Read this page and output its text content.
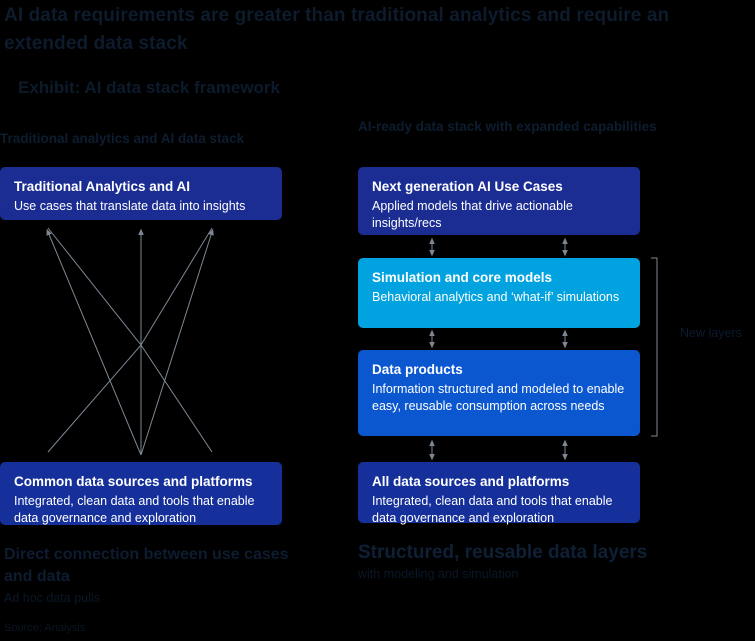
AI data requirements are greater than traditional analytics and require an extended data stack
Exhibit: AI data stack framework
Traditional analytics and AI data stack
AI-ready data stack with expanded capabilities

Traditional Analytics and AI

Use cases that translate data into insights

Common data sources and platforms

Integrated, clean data and tools that enable data governance and exploration

Next generation AI Use Cases

Applied models that drive actionable insights/recs

Simulation and core models

Behavioral analytics and ‘what-if’ simulations

Data products

Information structured and modeled to enable easy, reusable consumption across needs

All data sources and platforms

Integrated, clean data and tools that enable data governance and exploration

New layers
Direct connection between use cases and data
Ad hoc data pulls
Structured, reusable data layers
with modeling and simulation
Source: Analysis
